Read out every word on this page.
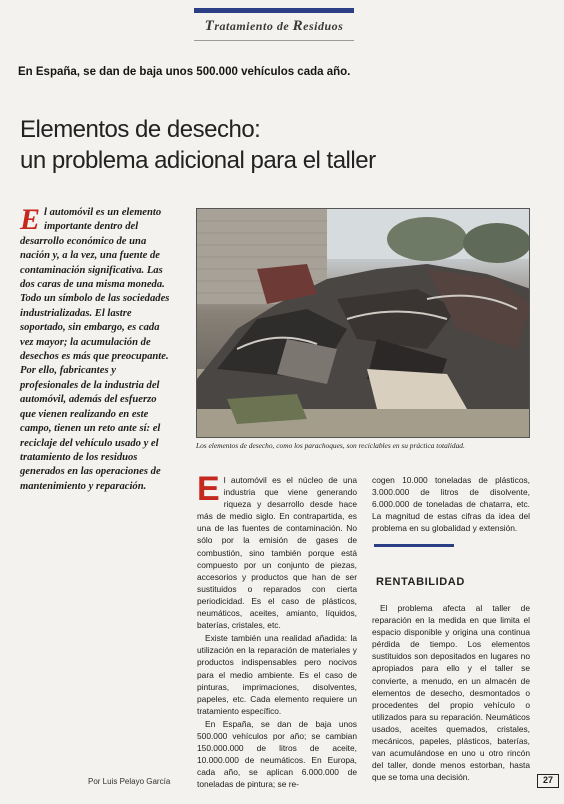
Tratamiento de Residuos
En España, se dan de baja unos 500.000 vehículos cada año.
Elementos de desecho:
un problema adicional para el taller
El automóvil es un elemento importante dentro del desarrollo económico de una nación y, a la vez, una fuente de contaminación significativa. Las dos caras de una misma moneda. Todo un símbolo de las sociedades industrializadas. El lastre soportado, sin embargo, es cada vez mayor; la acumulación de desechos es más que preocupante. Por ello, fabricantes y profesionales de la industria del automóvil, además del esfuerzo que vienen realizando en este campo, tienen un reto ante sí: el reciclaje del vehículo usado y el tratamiento de los residuos generados en las operaciones de mantenimiento y reparación.
Por Luis Pelayo García
Los elementos de desecho, como los parachoques, son reciclables en su práctica totalidad.

El automóvil es el núcleo de una industria que viene generando riqueza y desarrollo desde hace más de medio siglo. En contrapartida, es una de las fuentes de contaminación. No sólo por la emisión de gases de combustión, sino también porque está compuesto por un conjunto de piezas, accesorios y productos que han de ser sustituidos o reparados con cierta periodicidad. Es el caso de plásticos, neumáticos, aceites, amianto, líquidos, baterías, cristales, etc.

Existe también una realidad añadida: la utilización en la reparación de materiales y productos indispensables pero nocivos para el medio ambiente. Es el caso de pinturas, imprimaciones, disolventes, papeles, etc. Cada elemento requiere un tratamiento específico.

En España, se dan de baja unos 500.000 vehículos por año; se cambian 150.000.000 de litros de aceite, 10.000.000 de neumáticos. En Europa, cada año, se aplican 6.000.000 de toneladas de pintura; se re-

cogen 10.000 toneladas de plásticos, 3.000.000 de litros de disolvente, 6.000.000 de toneladas de chatarra, etc. La magnitud de estas cifras da idea del problema en su globalidad y extensión.

RENTABILIDAD

El problema afecta al taller de reparación en la medida en que limita el espacio disponible y origina una continua pérdida de tiempo. Los elementos sustituidos son depositados en lugares no apropiados para ello y el taller se convierte, a menudo, en un almacén de elementos de desecho, desmontados o procedentes del propio vehículo o utilizados para su reparación. Neumáticos usados, aceites quemados, cristales, mecánicos, papeles, plásticos, baterías, van acumulándose en uno u otro rincón del taller, donde menos estorban, hasta que se toma una decisión.	27
